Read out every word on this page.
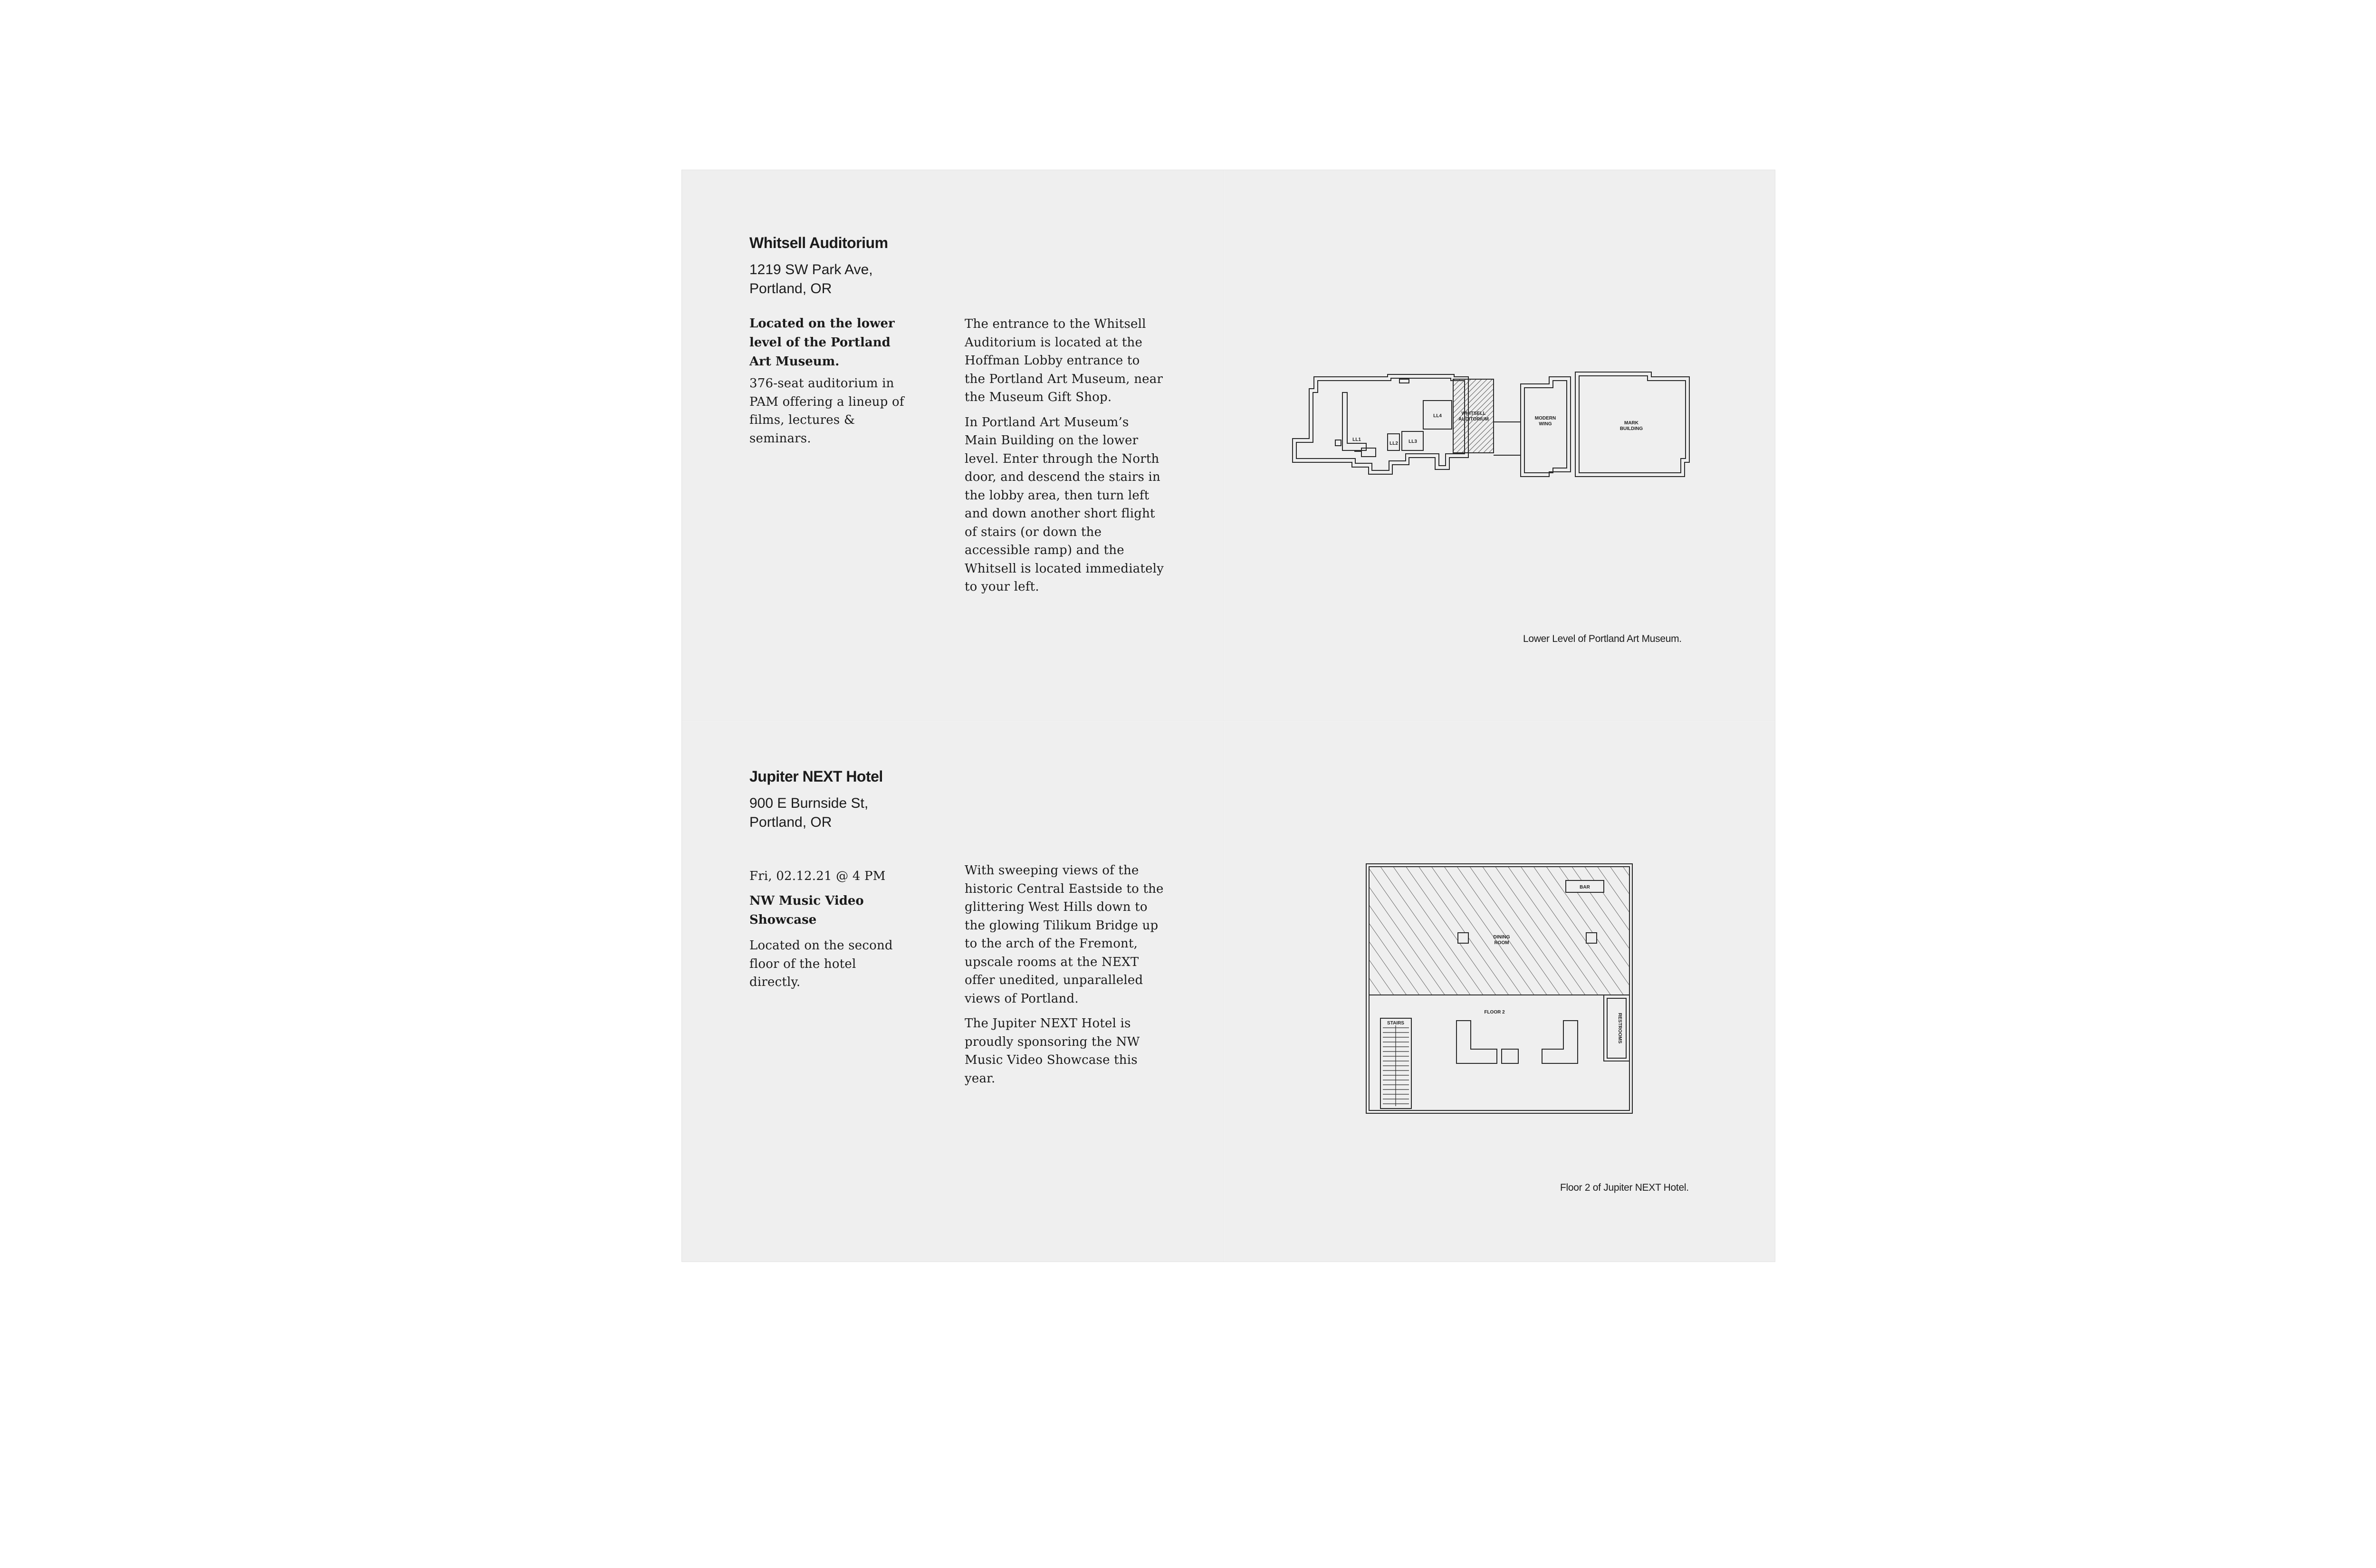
Whitsell Auditorium
1219 SW Park Ave,
Portland, OR
Located on the lower level of the Portland Art Museum.
376-seat auditorium in PAM offering a lineup of films, lectures & seminars.

The entrance to the Whitsell Auditorium is located at the Hoffman Lobby entrance to the Portland Art Museum, near the Museum Gift Shop.

In Portland Art Museum’s Main Building on the lower level. Enter through the North door, and descend the stairs in the lobby area, then turn left and down another short flight of stairs (or down the accessible ramp) and the Whitsell is located immediately to your left.

WHITSELL
AUDITORIUM
LL4
LL3
LL2
LL1
MODERN
WING	MARK
BUILDING
Lower Level of Portland Art Museum.
Jupiter NEXT Hotel
900 E Burnside St,
Portland, OR
Fri, 02.12.21 @ 4 PM
NW Music Video Showcase
Located on the second floor of the hotel directly.

With sweeping views of the historic Central Eastside to the glittering West Hills down to the glowing Tilikum Bridge up to the arch of the Fremont, upscale rooms at the NEXT offer unedited, unparalleled views of Portland.

The Jupiter NEXT Hotel is proudly sponsoring the NW Music Video Showcase this year.

BAR
DINING
ROOM
FLOOR 2
STAIRS	RESTROOMS
Floor 2 of Jupiter NEXT Hotel.
